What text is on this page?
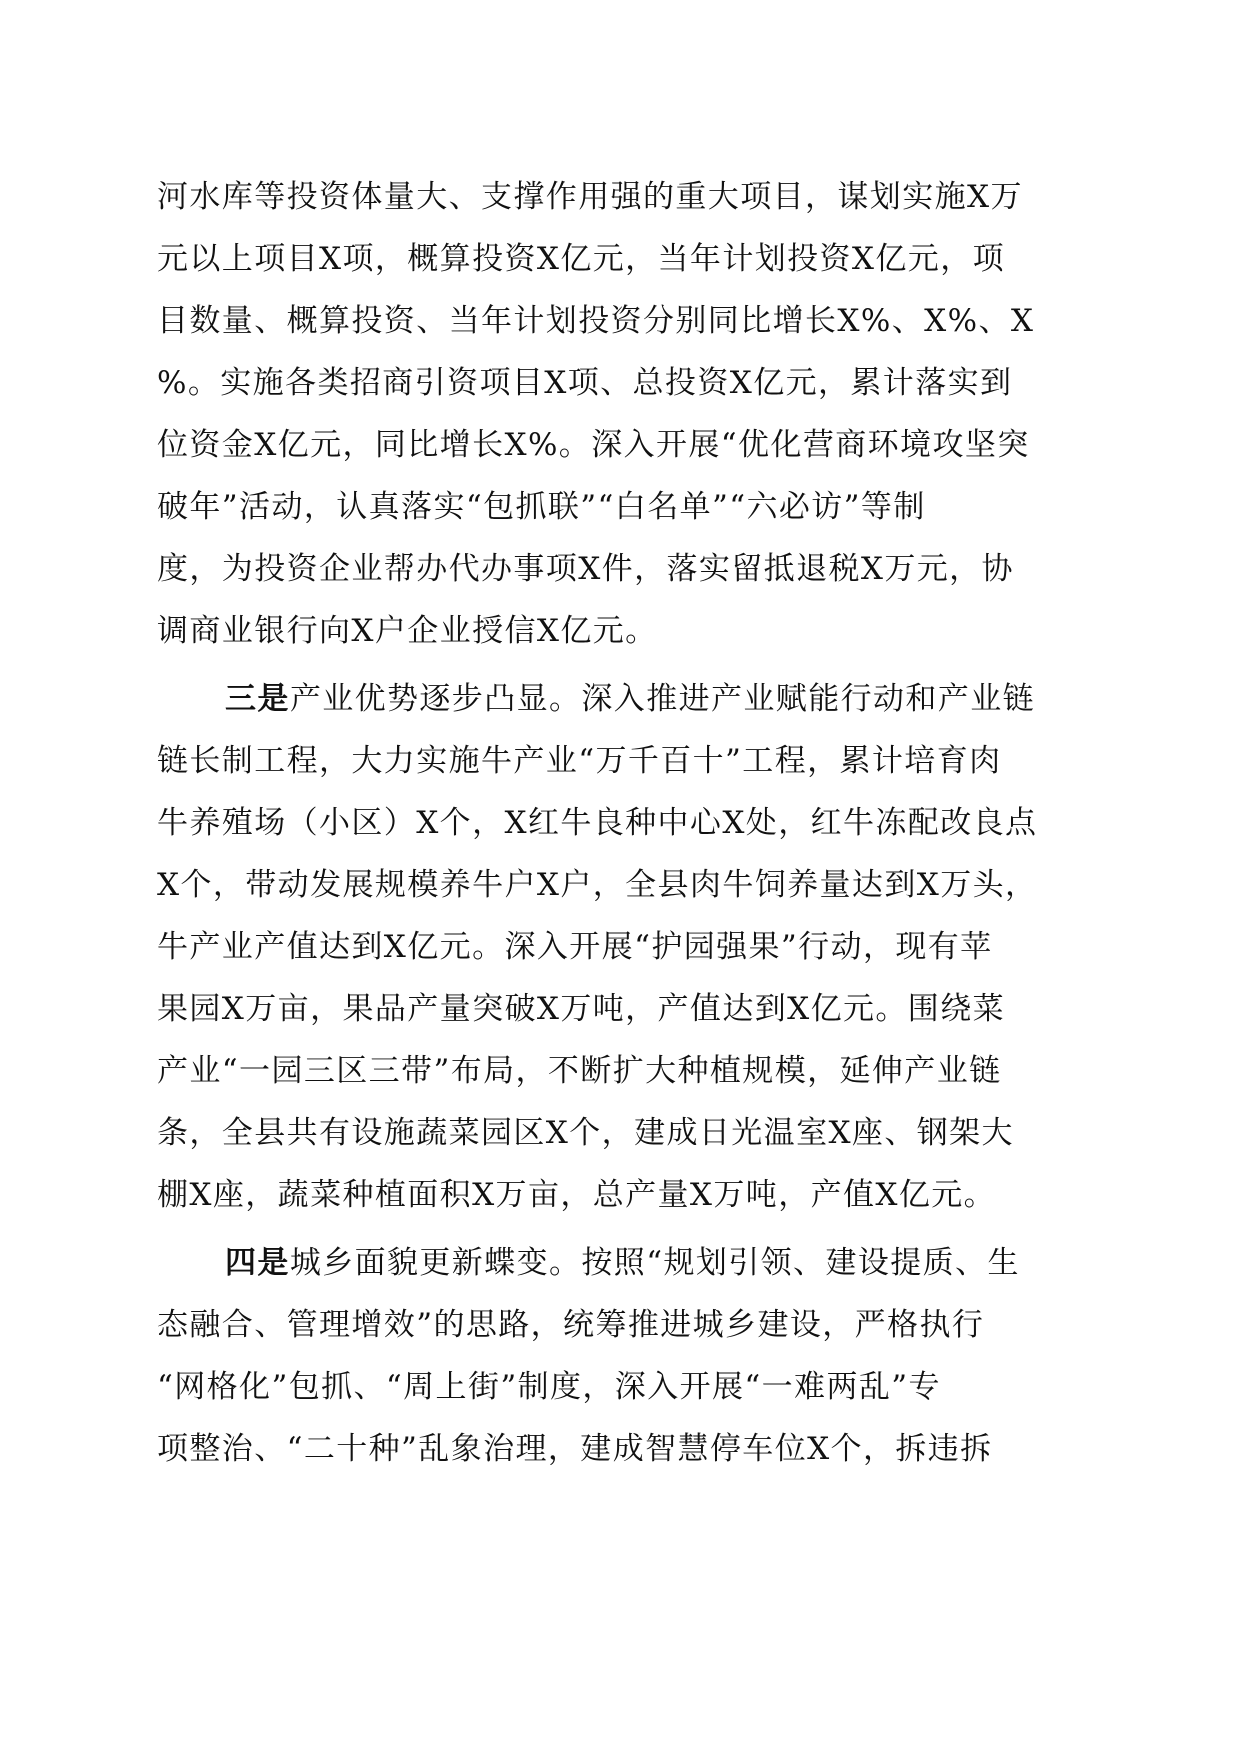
河水库等投资体量大、支撑作用强的重大项目，谋划实施X万
元以上项目X项，概算投资X亿元，当年计划投资X亿元，项
目数量、概算投资、当年计划投资分别同比增长X%、X%、X
%。实施各类招商引资项目X项、总投资X亿元，累计落实到
位资金X亿元，同比增长X%。深入开展“优化营商环境攻坚突
破年”活动，认真落实“包抓联”“白名单”“六必访”等制
度，为投资企业帮办代办事项X件，落实留抵退税X万元，协
调商业银行向X户企业授信X亿元。
三是产业优势逐步凸显。深入推进产业赋能行动和产业链
链长制工程，大力实施牛产业“万千百十”工程，累计培育肉
牛养殖场（小区）X个，X红牛良种中心X处，红牛冻配改良点
X个，带动发展规模养牛户X户，全县肉牛饲养量达到X万头，
牛产业产值达到X亿元。深入开展“护园强果”行动，现有苹
果园X万亩，果品产量突破X万吨，产值达到X亿元。围绕菜
产业“一园三区三带”布局，不断扩大种植规模，延伸产业链
条，全县共有设施蔬菜园区X个，建成日光温室X座、钢架大
棚X座，蔬菜种植面积X万亩，总产量X万吨，产值X亿元。
四是城乡面貌更新蝶变。按照“规划引领、建设提质、生
态融合、管理增效”的思路，统筹推进城乡建设，严格执行
“网格化”包抓、“周上街”制度，深入开展“一难两乱”专
项整治、“二十种”乱象治理，建成智慧停车位X个，拆违拆
